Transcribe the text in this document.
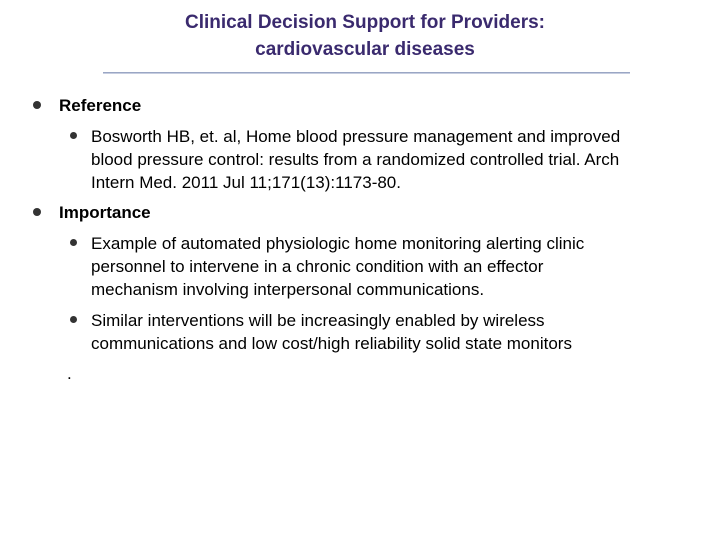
Clinical Decision Support for Providers:
cardiovascular diseases
Reference
Bosworth HB, et. al, Home blood pressure management and improved
blood pressure control: results from a randomized controlled trial. Arch
Intern Med. 2011 Jul 11;171(13):1173-80.
Importance
Example of automated physiologic home monitoring alerting clinic
personnel to intervene in a chronic condition with an effector
mechanism involving interpersonal communications.
Similar interventions will be increasingly enabled by wireless
communications and low cost/high reliability solid state monitors
.
